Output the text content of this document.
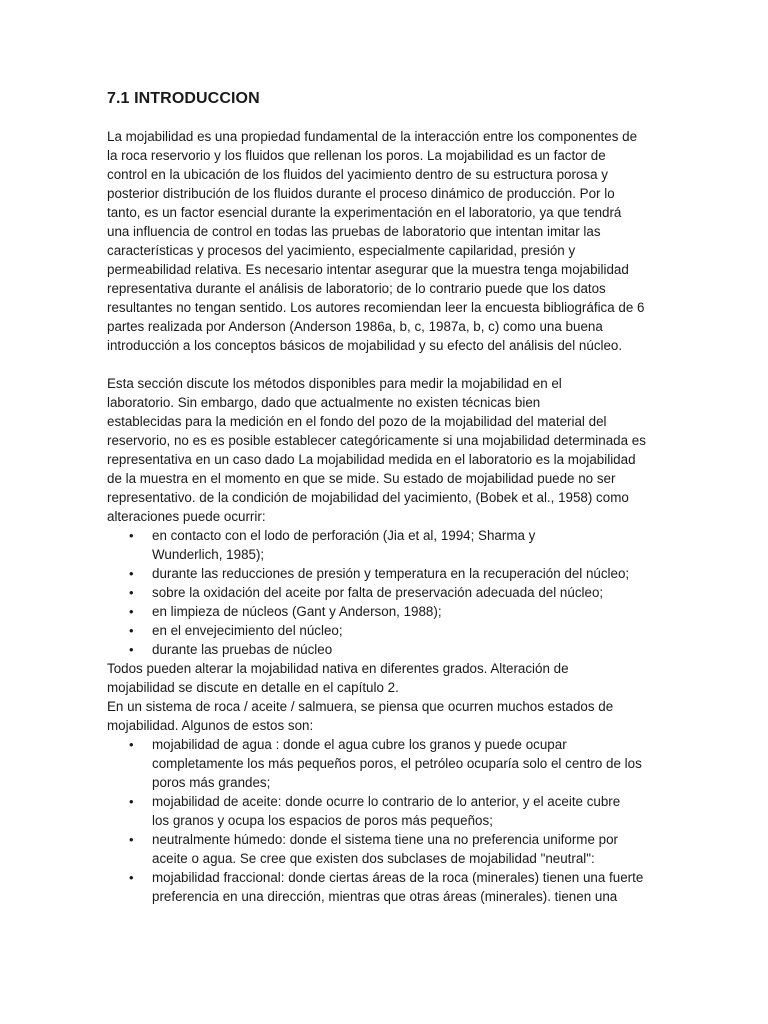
7.1 INTRODUCCION
La mojabilidad es una propiedad fundamental de la interacción entre los componentes de
la roca reservorio y los fluidos que rellenan los poros. La mojabilidad es un factor de
control en la ubicación de los fluidos del yacimiento dentro de su estructura porosa y
posterior distribución de los fluidos durante el proceso dinámico de producción. Por lo
tanto, es un factor esencial durante la experimentación en el laboratorio, ya que tendrá
una influencia de control en todas las pruebas de laboratorio que intentan imitar las
características y procesos del yacimiento, especialmente capilaridad, presión y
permeabilidad relativa. Es necesario intentar asegurar que la muestra tenga mojabilidad
representativa durante el análisis de laboratorio; de lo contrario puede que los datos
resultantes no tengan sentido. Los autores recomiendan leer la encuesta bibliográfica de 6
partes realizada por Anderson (Anderson 1986a, b, c, 1987a, b, c) como una buena
introducción a los conceptos básicos de mojabilidad y su efecto del análisis del núcleo.
Esta sección discute los métodos disponibles para medir la mojabilidad en el
laboratorio. Sin embargo, dado que actualmente no existen técnicas bien
establecidas para la medición en el fondo del pozo de la mojabilidad del material del
reservorio, no es es posible establecer categóricamente si una mojabilidad determinada es
representativa en un caso dado La mojabilidad medida en el laboratorio es la mojabilidad
de la muestra en el momento en que se mide. Su estado de mojabilidad puede no ser
representativo. de la condición de mojabilidad del yacimiento, (Bobek et al., 1958) como
alteraciones puede ocurrir:
• en contacto con el lodo de perforación (Jia et al, 1994; Sharma y
Wunderlich, 1985);
• durante las reducciones de presión y temperatura en la recuperación del núcleo;
• sobre la oxidación del aceite por falta de preservación adecuada del núcleo;
• en limpieza de núcleos (Gant y Anderson, 1988);
• en el envejecimiento del núcleo;
• durante las pruebas de núcleo
Todos pueden alterar la mojabilidad nativa en diferentes grados. Alteración de
mojabilidad se discute en detalle en el capítulo 2.
En un sistema de roca / aceite / salmuera, se piensa que ocurren muchos estados de
mojabilidad. Algunos de estos son:
• mojabilidad de agua : donde el agua cubre los granos y puede ocupar
completamente los más pequeños poros, el petróleo ocuparía solo el centro de los
poros más grandes;
• mojabilidad de aceite: donde ocurre lo contrario de lo anterior, y el aceite cubre
los granos y ocupa los espacios de poros más pequeños;
• neutralmente húmedo: donde el sistema tiene una no preferencia uniforme por
aceite o agua. Se cree que existen dos subclases de mojabilidad "neutral":
• mojabilidad fraccional: donde ciertas áreas de la roca (minerales) tienen una fuerte
preferencia en una dirección, mientras que otras áreas (minerales). tienen una
